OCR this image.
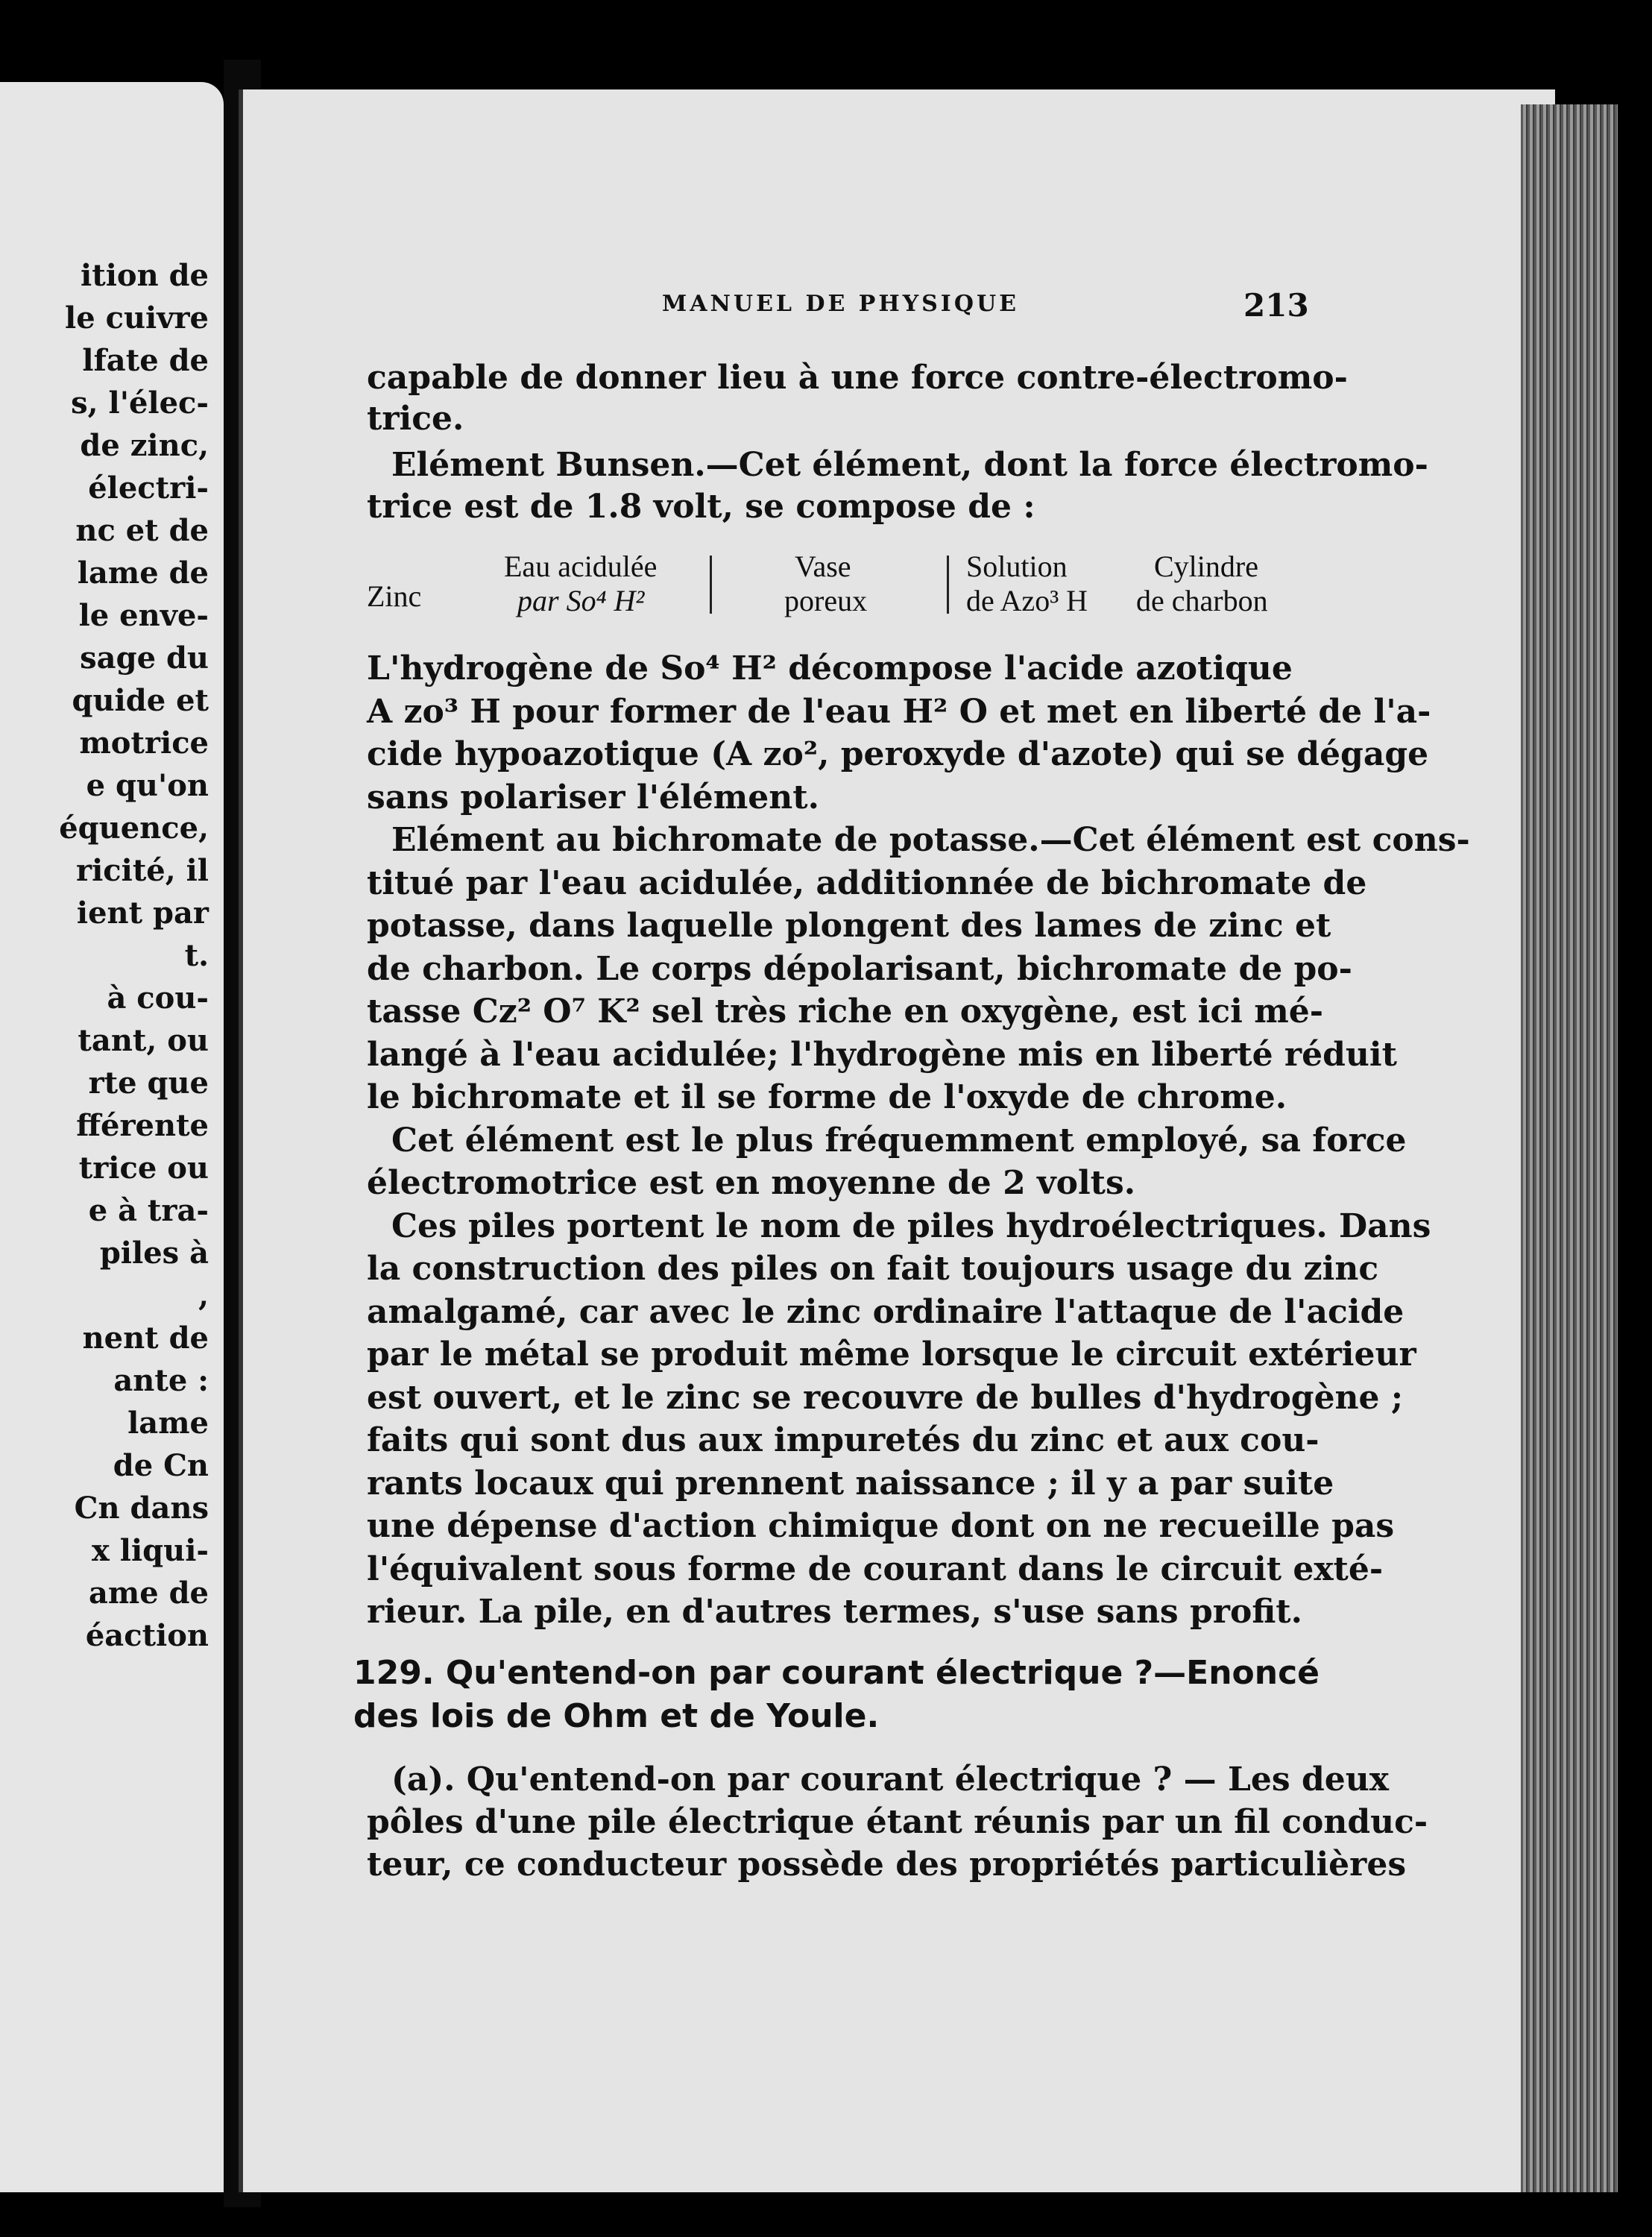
ition de
le cuivre
lfate de
s, l'élec-
de zinc,
électri-
nc et de
lame de
le enve-
sage du
quide et
motrice
e qu'on
équence,
ricité, il
ient par
t.
à cou-
tant, ou
rte que
fférente
trice ou
e à tra-
piles à
,
nent de
ante :
lame
de Cn
Cn dans
x liqui-
ame de
éaction
MANUEL DE PHYSIQUE	213
capable de donner lieu à une force contre-électromo-
trice.
Elément Bunsen.—Cet élément, dont la force électromo-
trice est de 1.8 volt, se compose de :
Zinc
Eau acidulée
par So⁴ H²
Vase
poreux
Solution
de Azo³ H
Cylindre
de charbon
L'hydrogène de So⁴ H² décompose l'acide azotique
A zo³ H pour former de l'eau H² O et met en liberté de l'a-
cide hypoazotique (A zo², peroxyde d'azote) qui se dégage
sans polariser l'élément.
Elément au bichromate de potasse.—Cet élément est cons-
titué par l'eau acidulée, additionnée de bichromate de
potasse, dans laquelle plongent des lames de zinc et
de charbon. Le corps dépolarisant, bichromate de po-
tasse Cz² O⁷ K² sel très riche en oxygène, est ici mé-
langé à l'eau acidulée; l'hydrogène mis en liberté réduit
le bichromate et il se forme de l'oxyde de chrome.
Cet élément est le plus fréquemment employé, sa force
électromotrice est en moyenne de 2 volts.
Ces piles portent le nom de piles hydroélectriques. Dans
la construction des piles on fait toujours usage du zinc
amalgamé, car avec le zinc ordinaire l'attaque de l'acide
par le métal se produit même lorsque le circuit extérieur
est ouvert, et le zinc se recouvre de bulles d'hydrogène ;
faits qui sont dus aux impuretés du zinc et aux cou-
rants locaux qui prennent naissance ; il y a par suite
une dépense d'action chimique dont on ne recueille pas
l'équivalent sous forme de courant dans le circuit exté-
rieur. La pile, en d'autres termes, s'use sans profit.
129. Qu'entend-on par courant électrique ?—Enoncé
des lois de Ohm et de Youle.
(a). Qu'entend-on par courant électrique ? — Les deux
pôles d'une pile électrique étant réunis par un fil conduc-
teur, ce conducteur possède des propriétés particulières
